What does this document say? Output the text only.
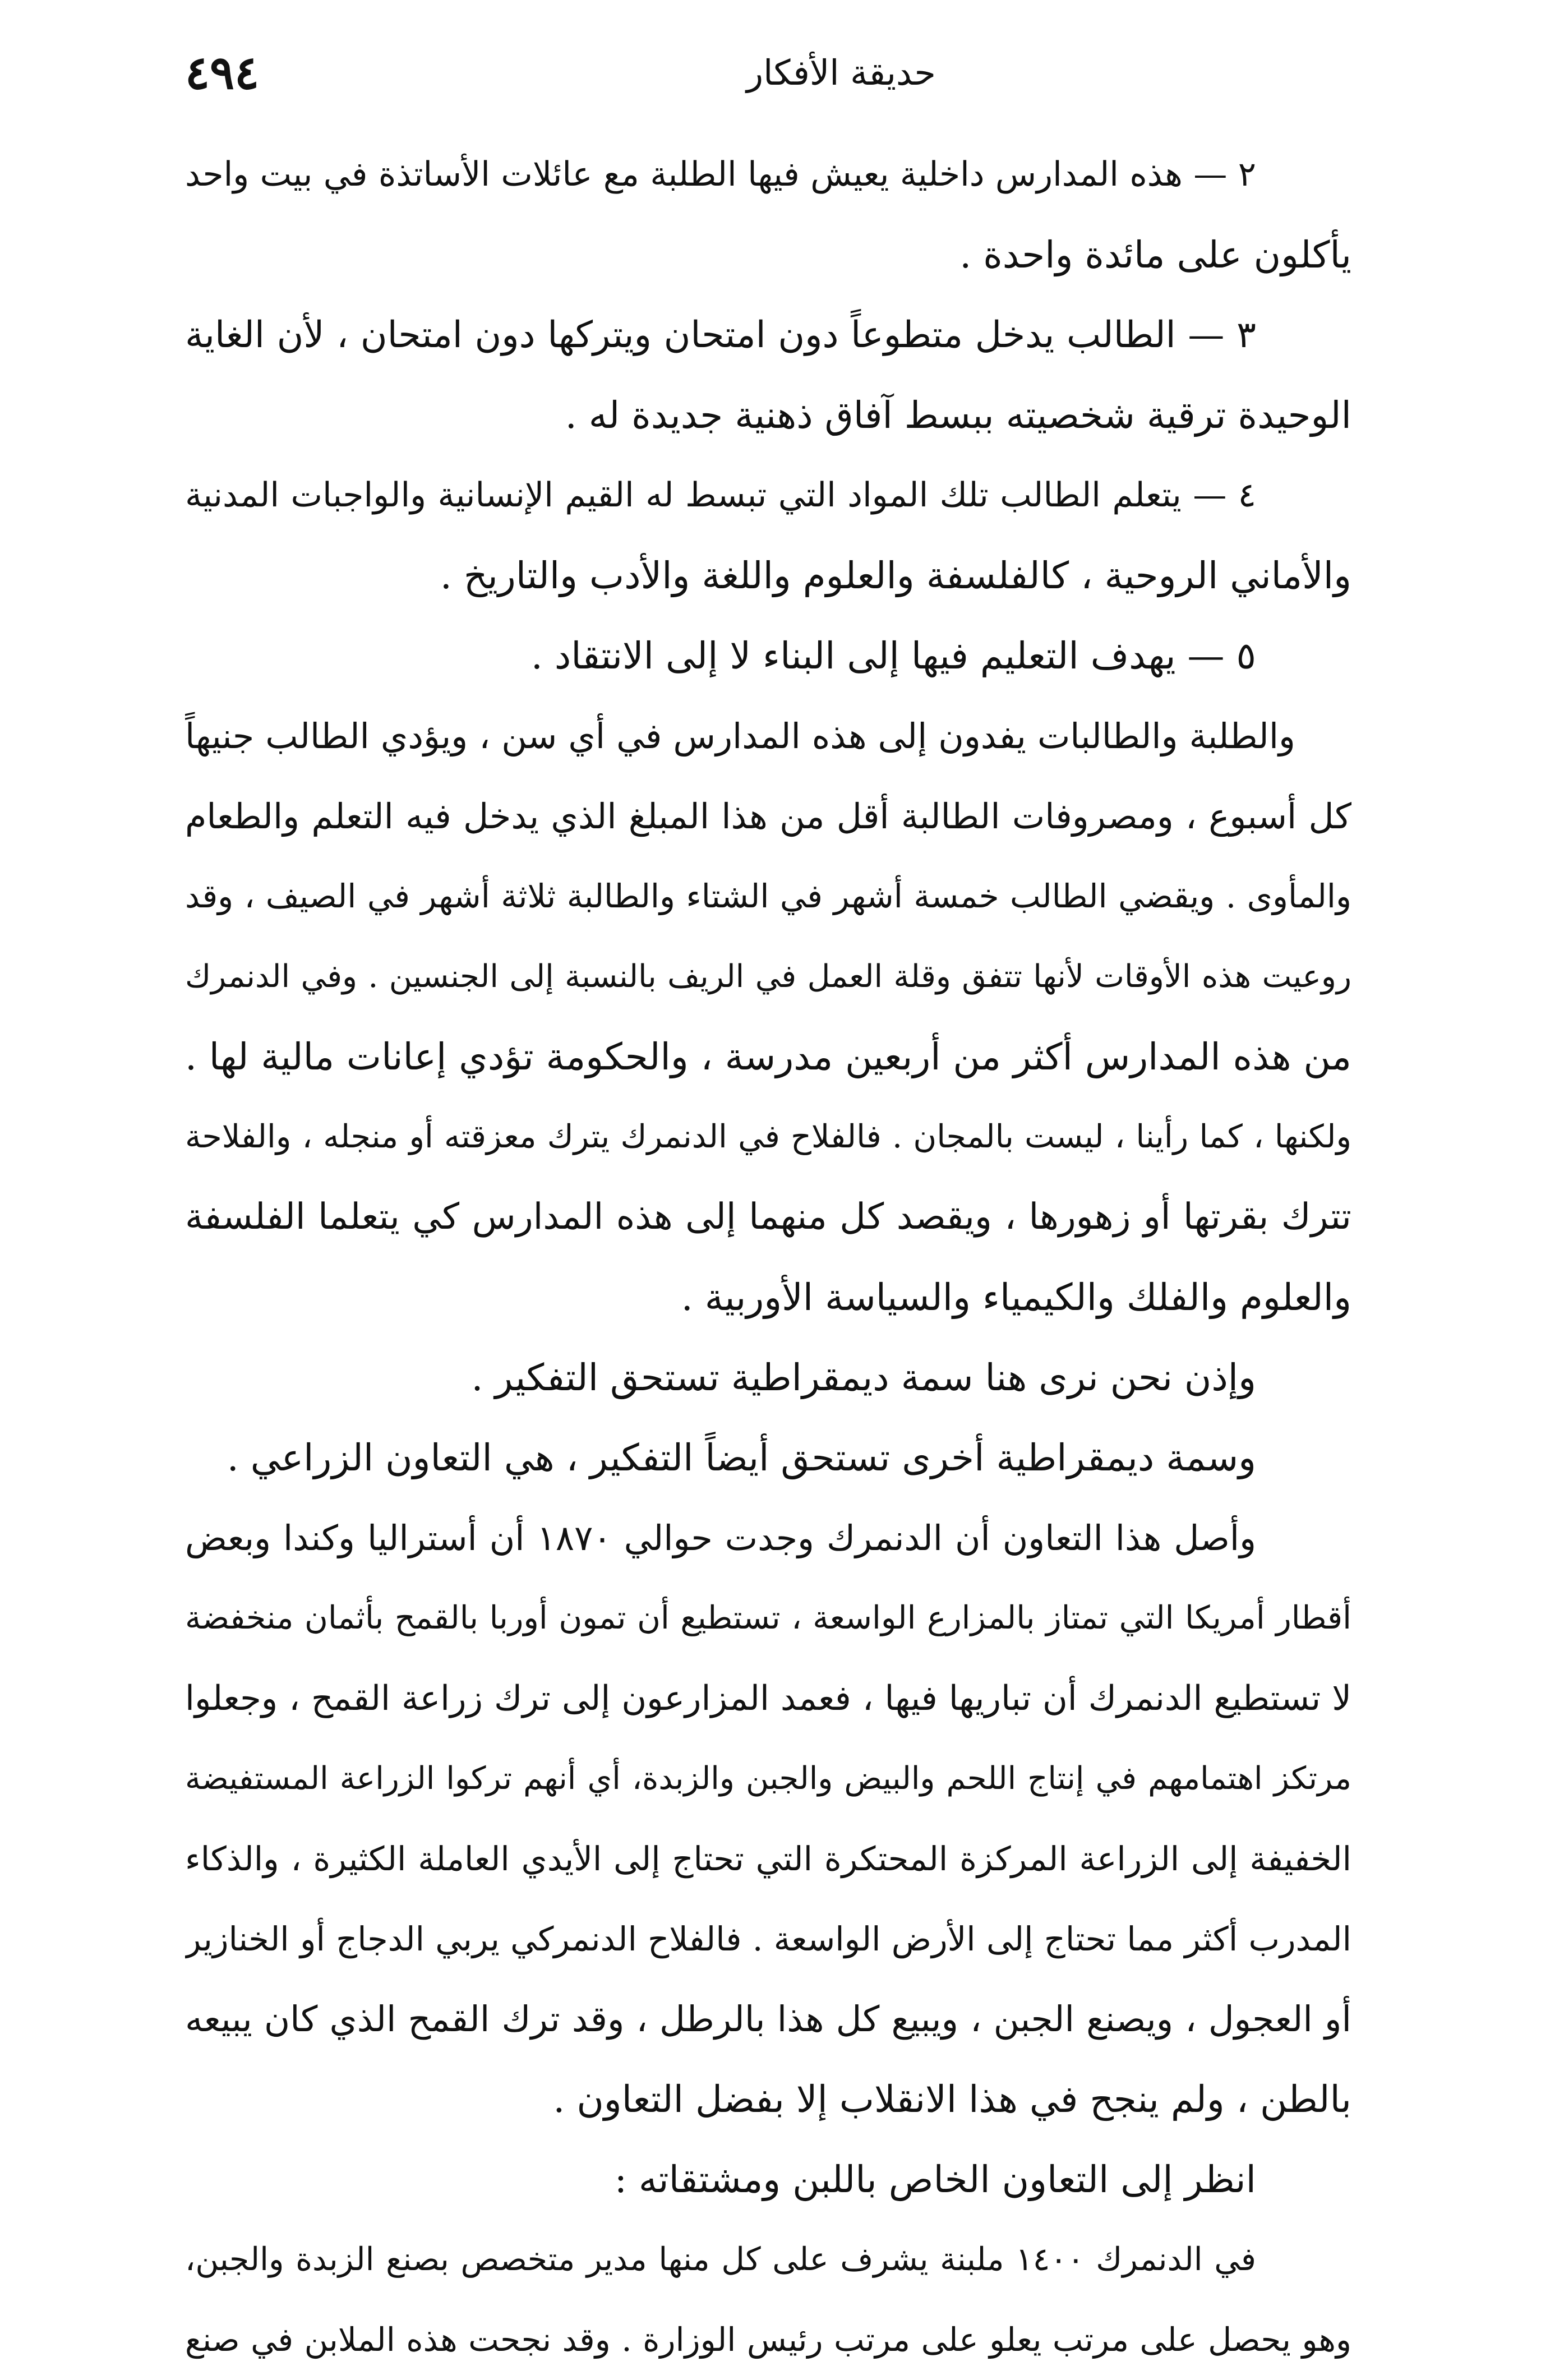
٤٩٤	حديقة الأفكار
٢ — هذه المدارس داخلية يعيش فيها الطلبة مع عائلات الأساتذة في بيت واحد
يأكلون على مائدة واحدة .
٣ — الطالب يدخل متطوعاً دون امتحان ويتركها دون امتحان ، لأن الغاية
الوحيدة ترقية شخصيته ببسط آفاق ذهنية جديدة له .
٤ — يتعلم الطالب تلك المواد التي تبسط له القيم الإنسانية والواجبات المدنية
والأماني الروحية ، كالفلسفة والعلوم واللغة والأدب والتاريخ .
٥ — يهدف التعليم فيها إلى البناء لا إلى الانتقاد .
والطلبة والطالبات يفدون إلى هذه المدارس في أي سن ، ويؤدي الطالب جنيهاً
كل أسبوع ، ومصروفات الطالبة أقل من هذا المبلغ الذي يدخل فيه التعلم والطعام
والمأوى . ويقضي الطالب خمسة أشهر في الشتاء والطالبة ثلاثة أشهر في الصيف ، وقد
روعيت هذه الأوقات لأنها تتفق وقلة العمل في الريف بالنسبة إلى الجنسين . وفي الدنمرك
من هذه المدارس أكثر من أربعين مدرسة ، والحكومة تؤدي إعانات مالية لها .
ولكنها ، كما رأينا ، ليست بالمجان . فالفلاح في الدنمرك يترك معزقته أو منجله ، والفلاحة
تترك بقرتها أو زهورها ، ويقصد كل منهما إلى هذه المدارس كي يتعلما الفلسفة
والعلوم والفلك والكيمياء والسياسة الأوربية .
وإذن نحن نرى هنا سمة ديمقراطية تستحق التفكير .
وسمة ديمقراطية أخرى تستحق أيضاً التفكير ، هي التعاون الزراعي .
وأصل هذا التعاون أن الدنمرك وجدت حوالي ١٨٧٠ أن أستراليا وكندا وبعض
أقطار أمريكا التي تمتاز بالمزارع الواسعة ، تستطيع أن تمون أوربا بالقمح بأثمان منخفضة
لا تستطيع الدنمرك أن تباريها فيها ، فعمد المزارعون إلى ترك زراعة القمح ، وجعلوا
مرتكز اهتمامهم في إنتاج اللحم والبيض والجبن والزبدة، أي أنهم تركوا الزراعة المستفيضة
الخفيفة إلى الزراعة المركزة المحتكرة التي تحتاج إلى الأيدي العاملة الكثيرة ، والذكاء
المدرب أكثر مما تحتاج إلى الأرض الواسعة . فالفلاح الدنمركي يربي الدجاج أو الخنازير
أو العجول ، ويصنع الجبن ، ويبيع كل هذا بالرطل ، وقد ترك القمح الذي كان يبيعه
بالطن ، ولم ينجح في هذا الانقلاب إلا بفضل التعاون .
انظر إلى التعاون الخاص باللبن ومشتقاته :
في الدنمرك ١٤٠٠ ملبنة يشرف على كل منها مدير متخصص بصنع الزبدة والجبن،
وهو يحصل على مرتب يعلو على مرتب رئيس الوزارة . وقد نجحت هذه الملابن في صنع
